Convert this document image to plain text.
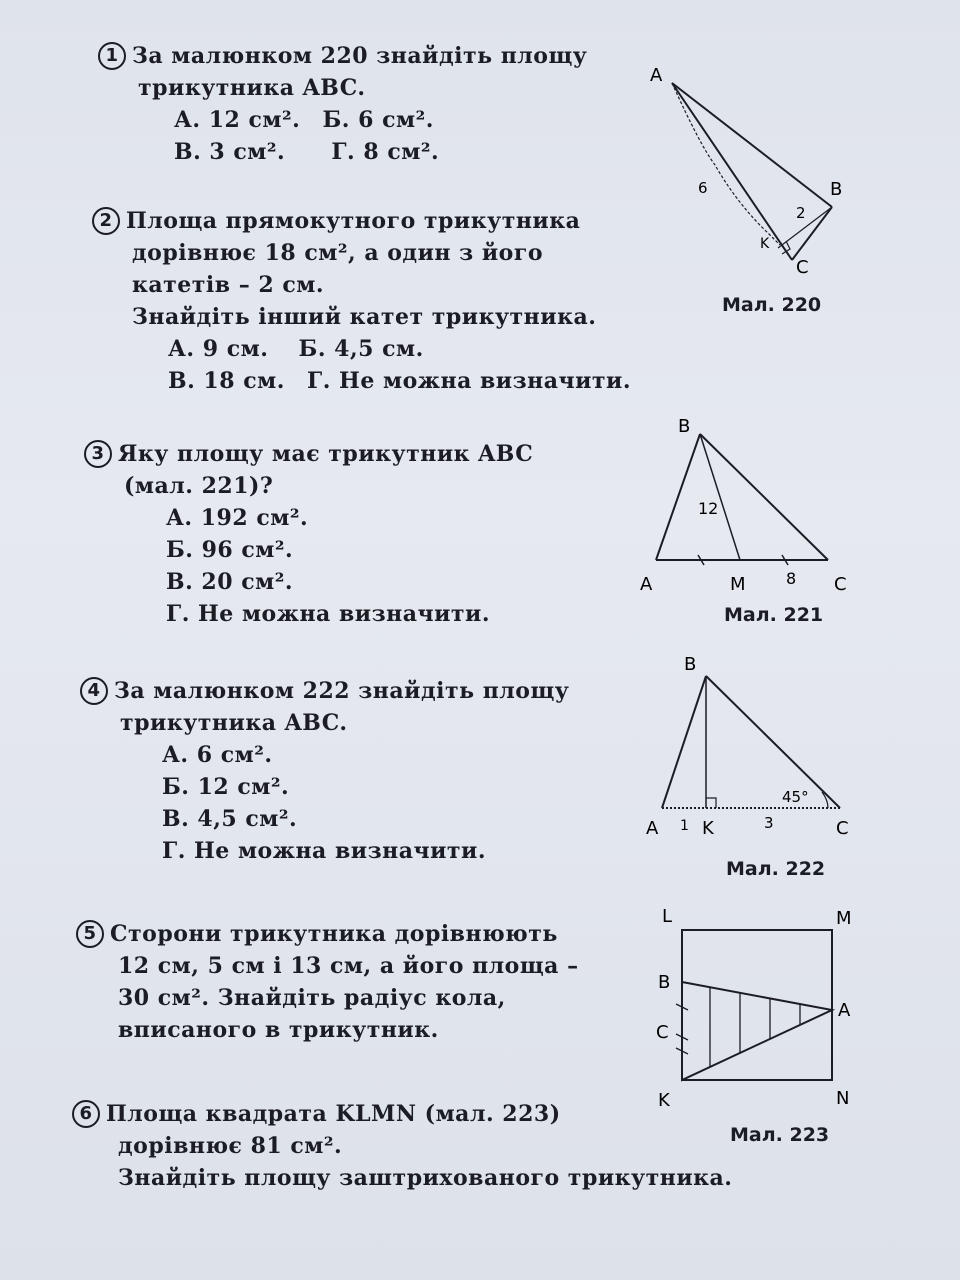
1 За малюнком 220 знайдіть площу
трикутника ABC.
А. 12 см². Б. 6 см².
В. 3 см². Г. 8 см².
2 Площа прямокутного трикутника
дорівнює 18 см², а один з його
катетів – 2 см.
Знайдіть інший катет трикутника.
А. 9 см. Б. 4,5 см.
В. 18 см. Г. Не можна визначити.
3 Яку площу має трикутник ABC
(мал. 221)?
А. 192 см².
Б. 96 см².
В. 20 см².
Г. Не можна визначити.
4 За малюнком 222 знайдіть площу
трикутника ABC.
А. 6 см².
Б. 12 см².
В. 4,5 см².
Г. Не можна визначити.
5 Сторони трикутника дорівнюють
12 см, 5 см і 13 см, а його площа –
30 см². Знайдіть радіус кола,
вписаного в трикутник.
6 Площа квадрата KLMN (мал. 223)
дорівнює 81 см².
Знайдіть площу заштрихованого трикутника.
A
B
C
K
6
2
Мал. 220
B
A	M	C
12
8
Мал. 221
B
A K	C
1	3
45°
Мал. 222
L	M
B
A
C
K	N
Мал. 223
